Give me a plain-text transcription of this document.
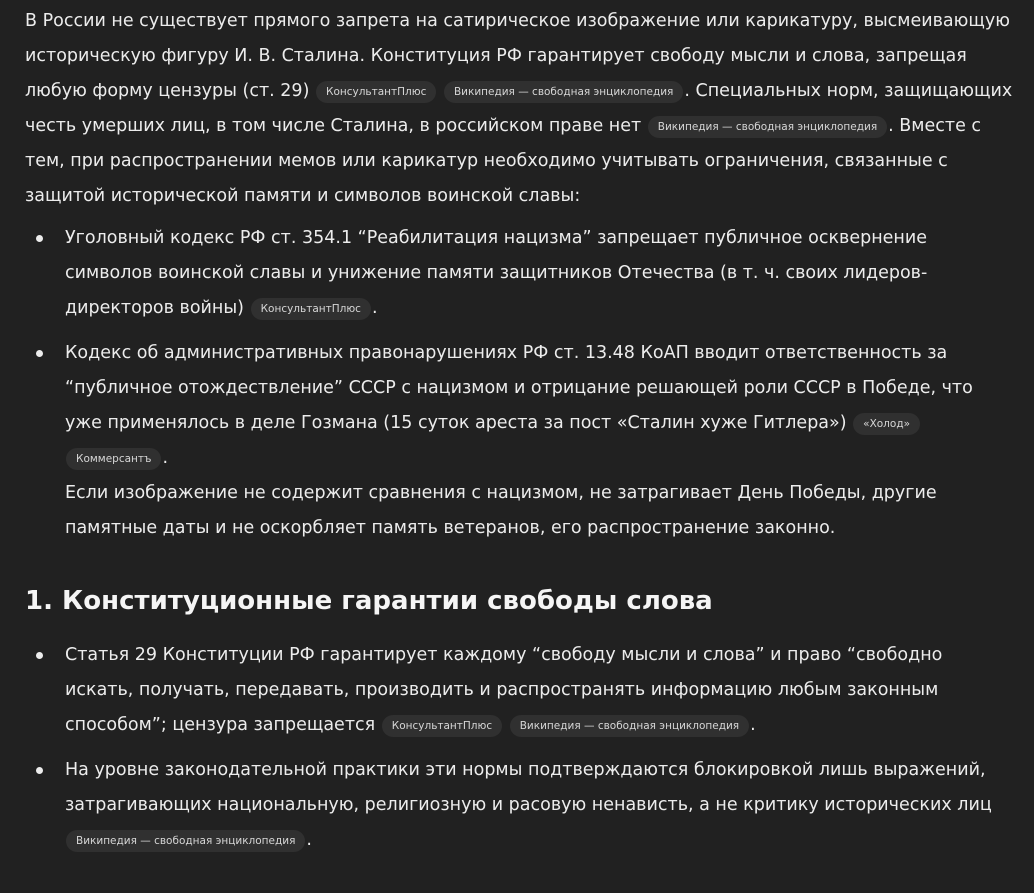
В России не существует прямого запрета на сатирическое изображение или карикатуру, высмеивающую историческую фигуру И. В. Сталина. Конституция РФ гарантирует свободу мысли и слова, запрещая любую форму цензуры (ст. 29) КонсультантПлюс	Википедия — свободная энциклопедия . Специальных норм, защищающих честь умерших лиц, в том числе Сталина, в российском праве нет Википедия — свободная энциклопедия . Вместе с тем, при распространении мемов или карикатур необходимо учитывать ограничения, связанные с защитой исторической памяти и символов воинской славы:

Уголовный кодекс РФ ст. 354.1 “Реабилитация нацизма” запрещает публичное осквернение символов воинской славы и унижение памяти защитников Отечества (в т. ч. своих лидеров-директоров войны) КонсультантПлюс .
Кодекс об административных правонарушениях РФ ст. 13.48 КоАП вводит ответственность за “публичное отождествление” СССР с нацизмом и отрицание решающей роли СССР в Победе, что уже применялось в деле Гозмана (15 суток ареста за пост «Сталин хуже Гитлера») «Холод» Коммерсантъ .
Если изображение не содержит сравнения с нацизмом, не затрагивает День Победы, другие памятные даты и не оскорбляет память ветеранов, его распространение законно.
1. Конституционные гарантии свободы слова
Статья 29 Конституции РФ гарантирует каждому “свободу мысли и слова” и право “свободно искать, получать, передавать, производить и распространять информацию любым законным способом”; цензура запрещается КонсультантПлюс	Википедия — свободная энциклопедия .
На уровне законодательной практики эти нормы подтверждаются блокировкой лишь выражений, затрагивающих национальную, религиозную и расовую ненависть, а не критику исторических лиц Википедия — свободная энциклопедия .
